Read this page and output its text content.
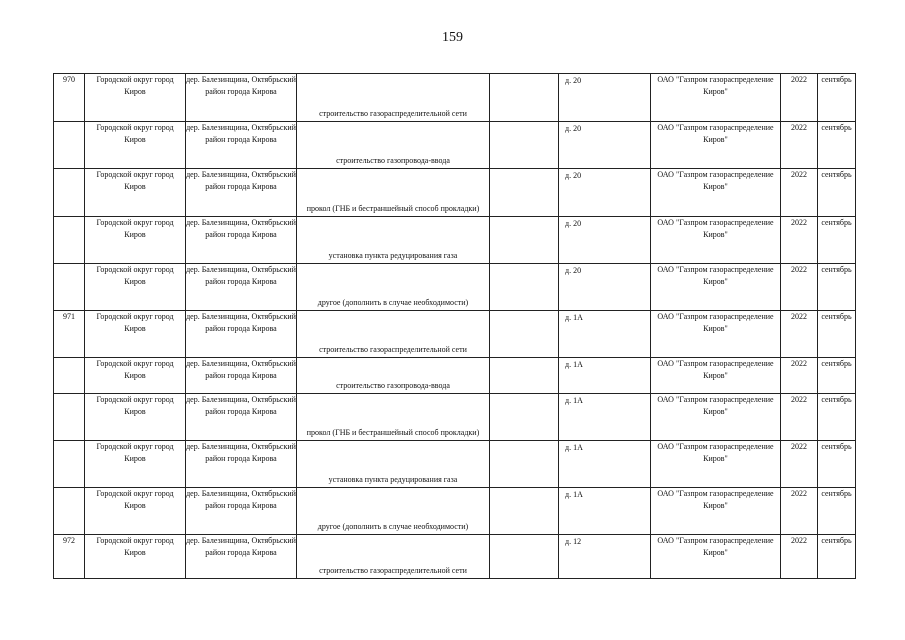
159
970	Городской округ город Киров	дер. Балезинщина, Октябрьский район города Кирова	строительство газораспределительной сети		д. 20	ОАО "Газпром газораспределение Киров"	2022	сентябрь
	Городской округ город Киров	дер. Балезинщина, Октябрьский район города Кирова	строительство газопровода-ввода		д. 20	ОАО "Газпром газораспределение Киров"	2022	сентябрь
	Городской округ город Киров	дер. Балезинщина, Октябрьский район города Кирова	прокол (ГНБ и бестраншейный способ прокладки)		д. 20	ОАО "Газпром газораспределение Киров"	2022	сентябрь
	Городской округ город Киров	дер. Балезинщина, Октябрьский район города Кирова	установка пункта редуцирования газа		д. 20	ОАО "Газпром газораспределение Киров"	2022	сентябрь
	Городской округ город Киров	дер. Балезинщина, Октябрьский район города Кирова	другое (дополнить в случае необходимости)		д. 20	ОАО "Газпром газораспределение Киров"	2022	сентябрь
971	Городской округ город Киров	дер. Балезинщина, Октябрьский район города Кирова	строительство газораспределительной сети		д. 1А	ОАО "Газпром газораспределение Киров"	2022	сентябрь
	Городской округ город Киров	дер. Балезинщина, Октябрьский район города Кирова	строительство газопровода-ввода		д. 1А	ОАО "Газпром газораспределение Киров"	2022	сентябрь
	Городской округ город Киров	дер. Балезинщина, Октябрьский район города Кирова	прокол (ГНБ и бестраншейный способ прокладки)		д. 1А	ОАО "Газпром газораспределение Киров"	2022	сентябрь
	Городской округ город Киров	дер. Балезинщина, Октябрьский район города Кирова	установка пункта редуцирования газа		д. 1А	ОАО "Газпром газораспределение Киров"	2022	сентябрь
	Городской округ город Киров	дер. Балезинщина, Октябрьский район города Кирова	другое (дополнить в случае необходимости)		д. 1А	ОАО "Газпром газораспределение Киров"	2022	сентябрь
972	Городской округ город Киров	дер. Балезинщина, Октябрьский район города Кирова	строительство газораспределительной сети		д. 12	ОАО "Газпром газораспределение Киров"	2022	сентябрь
